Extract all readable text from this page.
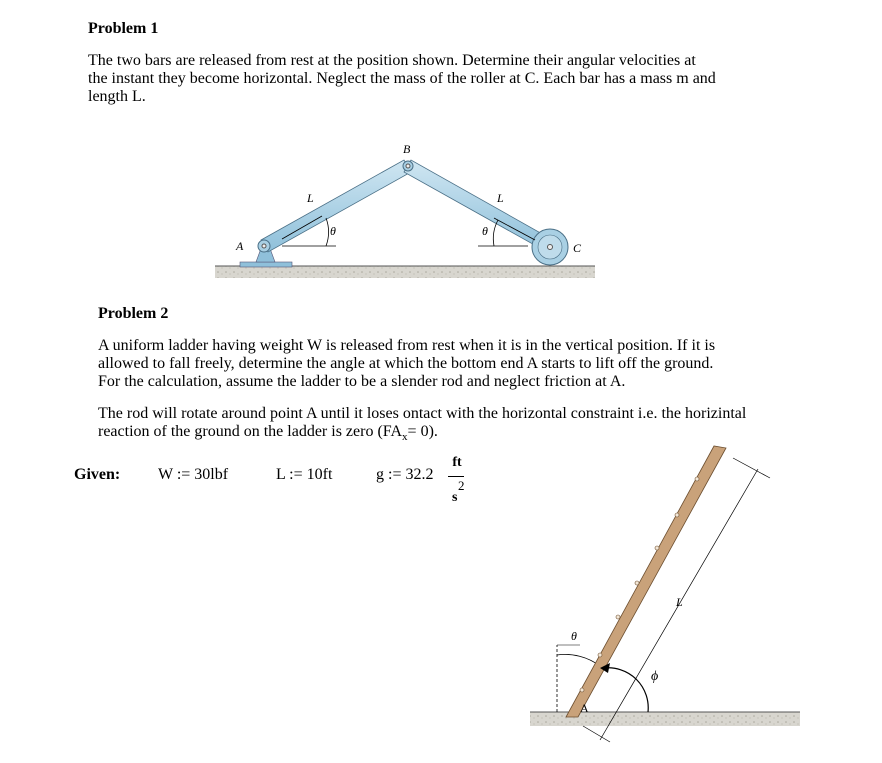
Problem 1
The two bars are released from rest at the position shown. Determine their angular velocities at
the instant they become horizontal. Neglect the mass of the roller at C. Each bar has a mass m and
length L.
A
B
C
L	L
θ	θ
A
L
θ
ϕ
Problem 2
A uniform ladder having weight W is released from rest when it is in the vertical position. If it is
allowed to fall freely, determine the angle at which the bottom end A starts to lift off the ground.
For the calculation, assume the ladder to be a slender rod and neglect friction at A.
The rod will rotate around point A until it loses ontact with the horizontal constraint i.e. the horizintal
reaction of the ground on the ladder is zero $(FA_x= 0)$.
Given: W := 30lbf	L := 10ft	g := 32.2
ft
s
2
